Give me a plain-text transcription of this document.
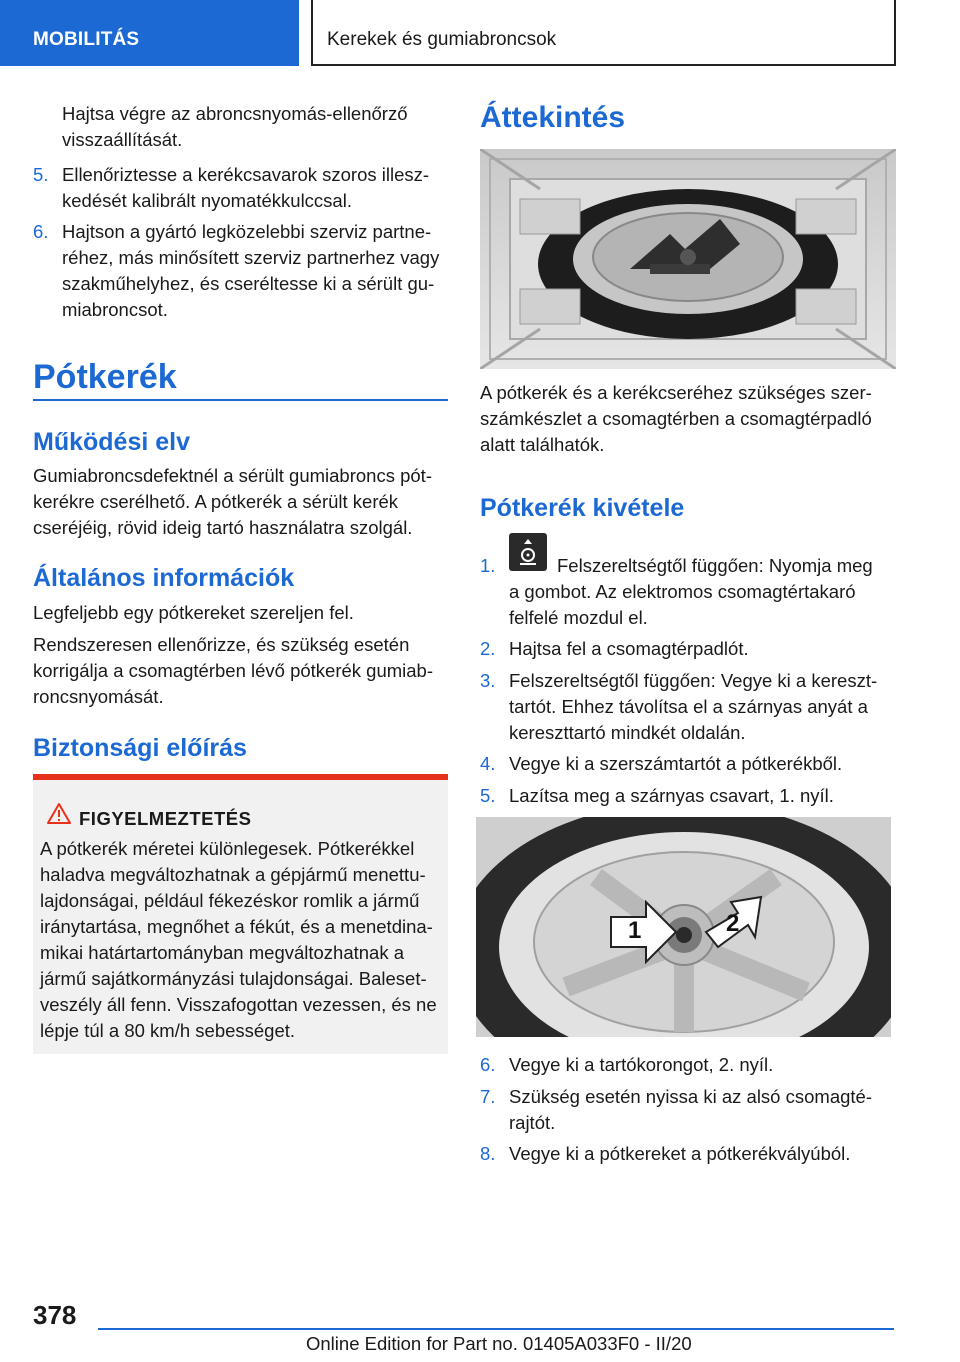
MOBILITÁS	Kerekek és gumiabroncsok
Hajtsa végre az abroncsnyomás-ellenőrző
visszaállítását.
5. Ellenőriztesse a kerékcsavarok szoros illesz-
kedését kalibrált nyomatékkulccsal.
6. Hajtson a gyártó legközelebbi szerviz partne-
réhez, más minősített szerviz partnerhez vagy
szakműhelyhez, és cseréltesse ki a sérült gu-
miabroncsot.
Pótkerék
Működési elv
Gumiabroncsdefektnél a sérült gumiabroncs pót-
kerékre cserélhető. A pótkerék a sérült kerék
cseréjéig, rövid ideig tartó használatra szolgál.
Általános információk
Legfeljebb egy pótkereket szereljen fel.
Rendszeresen ellenőrizze, és szükség esetén
korrigálja a csomagtérben lévő pótkerék gumiab-
roncsnyomását.
Biztonsági előírás
FIGYELMEZTETÉS
A pótkerék méretei különlegesek. Pótkerékkel
haladva megváltozhatnak a gépjármű menettu-
lajdonságai, például fékezéskor romlik a jármű
iránytartása, megnőhet a fékút, és a menetdina-
mikai határtartományban megváltozhatnak a
jármű sajátkormányzási tulajdonságai. Baleset-
veszély áll fenn. Visszafogottan vezessen, és ne
lépje túl a 80 km/h sebességet.
Áttekintés
A pótkerék és a kerékcseréhez szükséges szer-
számkészlet a csomagtérben a csomagtérpadló
alatt találhatók.
Pótkerék kivétele
1.	Felszereltségtől függően: Nyomja meg
a gombot. Az elektromos csomagtértakaró
felfelé mozdul el.
2. Hajtsa fel a csomagtérpadlót.
3. Felszereltségtől függően: Vegye ki a kereszt-
tartót. Ehhez távolítsa el a szárnyas anyát a
kereszttartó mindkét oldalán.
4. Vegye ki a szerszámtartót a pótkerékből.
5. Lazítsa meg a szárnyas csavart, 1. nyíl.
1	2
6. Vegye ki a tartókorongot, 2. nyíl.
7. Szükség esetén nyissa ki az alsó csomagté-
rajtót.
8. Vegye ki a pótkereket a pótkerékvályúból.
378
Online Edition for Part no. 01405A033F0 - II/20
